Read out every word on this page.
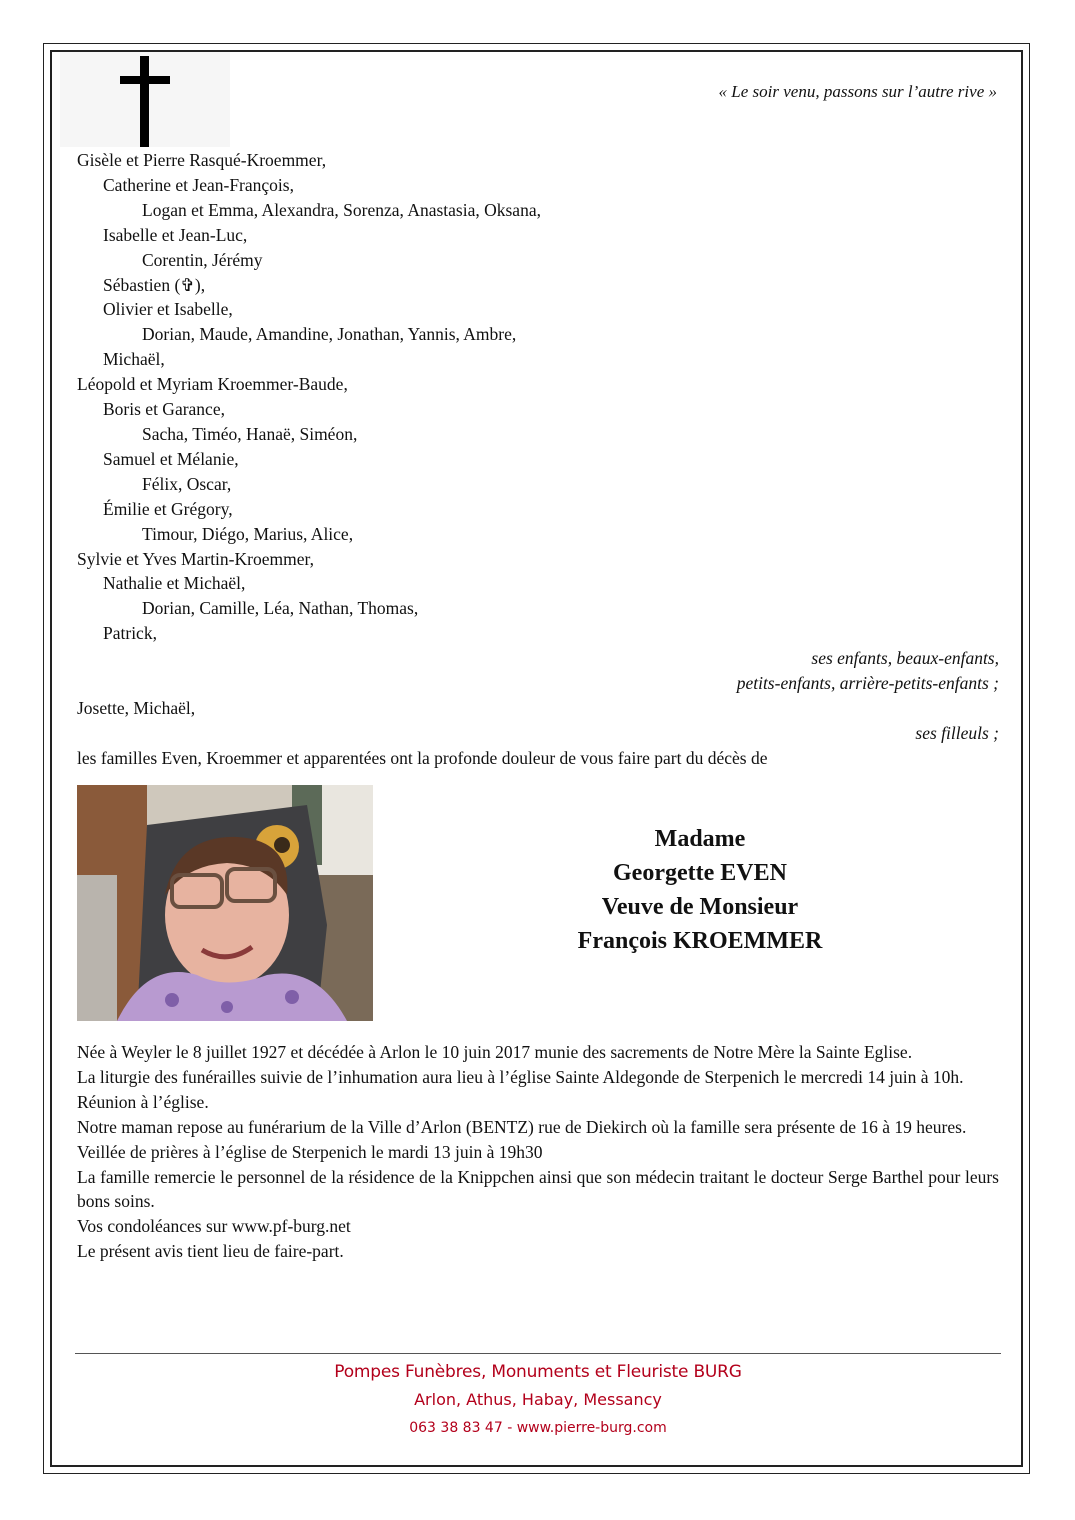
« Le soir venu, passons sur l’autre rive »
Gisèle et Pierre Rasqué-Kroemmer,
Catherine et Jean-François,
Logan et Emma, Alexandra, Sorenza, Anastasia, Oksana,
Isabelle et Jean-Luc,
Corentin, Jérémy
Sébastien (✞),
Olivier et Isabelle,
Dorian, Maude, Amandine, Jonathan, Yannis, Ambre,
Michaël,
Léopold et Myriam Kroemmer-Baude,
Boris et Garance,
Sacha, Timéo, Hanaë, Siméon,
Samuel et Mélanie,
Félix, Oscar,
Émilie et Grégory,
Timour, Diégo, Marius, Alice,
Sylvie et Yves Martin-Kroemmer,
Nathalie et Michaël,
Dorian, Camille, Léa, Nathan, Thomas,
Patrick,
ses enfants, beaux-enfants,
petits-enfants, arrière-petits-enfants ;
Josette, Michaël,
ses filleuls ;
les familles Even, Kroemmer et apparentées ont la profonde douleur de vous faire part du décès de
Madame
Georgette EVEN
Veuve de Monsieur
François KROEMMER
Née à Weyler le 8 juillet 1927 et décédée à Arlon le 10 juin 2017 munie des sacrements de Notre Mère la Sainte Eglise.
La liturgie des funérailles suivie de l’inhumation aura lieu à l’église Sainte Aldegonde de Sterpenich le mercredi 14 juin à 10h.
Réunion à l’église.
Notre maman repose au funérarium de la Ville d’Arlon (BENTZ) rue de Diekirch où la famille sera présente de 16 à 19 heures.
Veillée de prières à l’église de Sterpenich le mardi 13 juin à 19h30
La famille remercie le personnel de la résidence de la Knippchen ainsi que son médecin traitant le docteur Serge Barthel pour leurs bons soins.
Vos condoléances sur www.pf-burg.net
Le présent avis tient lieu de faire-part.
Pompes Funèbres, Monuments et Fleuriste BURG
Arlon, Athus, Habay, Messancy
063 38 83 47 - www.pierre-burg.com
